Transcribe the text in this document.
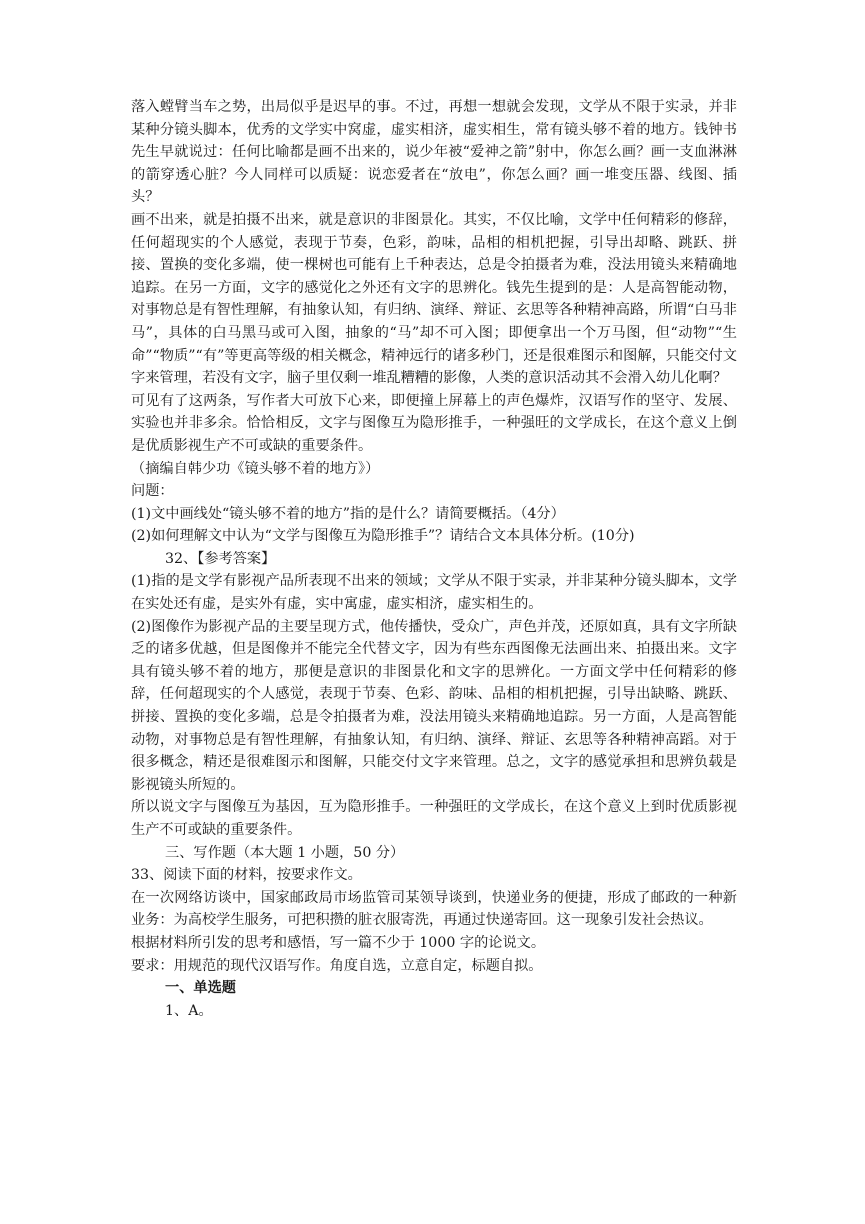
落入螳臂当车之势，出局似乎是迟早的事。不过，再想一想就会发现，文学从不限于实录，并非某种分镜头脚本，优秀的文学实中窝虚，虚实相济，虚实相生，常有镜头够不着的地方。钱钟书先生早就说过：任何比喻都是画不出来的，说少年被“爱神之箭”射中，你怎么画？画一支血淋淋的箭穿透心脏？今人同样可以质疑：说恋爱者在“放电”，你怎么画？画一堆变压器、线图、插头？

画不出来，就是拍摄不出来，就是意识的非图景化。其实，不仅比喻，文学中任何精彩的修辞，任何超现实的个人感觉，表现于节奏，色彩，韵味，品相的相机把握，引导出却略、跳跃、拼接、置换的变化多端，使一棵树也可能有上千种表达，总是令拍摄者为难，没法用镜头来精确地追踪。在另一方面，文字的感觉化之外还有文字的思辨化。钱先生提到的是：人是高智能动物，对事物总是有智性理解，有抽象认知，有归纳、演绎、辩证、玄思等各种精神高路，所谓“白马非马”，具体的白马黑马或可入图，抽象的“马”却不可入图；即便拿出一个万马图，但“动物”“生命”“物质”“有”等更高等级的相关概念，精神远行的诸多秒门，还是很难图示和图解，只能交付文字来管理，若没有文字，脑子里仅剩一堆乱糟糟的影像，人类的意识活动其不会滑入幼儿化啊？

可见有了这两条，写作者大可放下心来，即便撞上屏幕上的声色爆炸，汉语写作的坚守、发展、实验也并非多余。恰恰相反，文字与图像互为隐形推手，一种强旺的文学成长，在这个意义上倒是优质影视生产不可或缺的重要条件。

（摘编自韩少功《镜头够不着的地方》）

问题：

(1)文中画线处“镜头够不着的地方”指的是什么？请简要概括。（4分）

(2)如何理解文中认为“文学与图像互为隐形推手”？请结合文本具体分析。(10分)

32、【参考答案】

(1)指的是文学有影视产品所表现不出来的领域；文学从不限于实录，并非某种分镜头脚本，文学在实处还有虚，是实外有虚，实中寓虚，虚实相济，虚实相生的。

(2)图像作为影视产品的主要呈现方式，他传播快，受众广，声色并茂，还原如真，具有文字所缺乏的诸多优越，但是图像并不能完全代替文字，因为有些东西图像无法画出来、拍摄出来。文字具有镜头够不着的地方，那便是意识的非图景化和文字的思辨化。一方面文学中任何精彩的修辞，任何超现实的个人感觉，表现于节奏、色彩、韵味、品相的相机把握，引导出缺略、跳跃、拼接、置换的变化多端，总是令拍摄者为难，没法用镜头来精确地追踪。另一方面，人是高智能动物，对事物总是有智性理解，有抽象认知，有归纳、演绎、辩证、玄思等各种精神高蹈。对于很多概念，精还是很难图示和图解，只能交付文字来管理。总之，文字的感觉承担和思辨负载是影视镜头所短的。

所以说文字与图像互为基因，互为隐形推手。一种强旺的文学成长，在这个意义上到时优质影视生产不可或缺的重要条件。

三、写作题（本大题 1 小题，50 分）

33、阅读下面的材料，按要求作文。

在一次网络访谈中，国家邮政局市场监管司某领导谈到，快递业务的便捷，形成了邮政的一种新业务：为高校学生服务，可把积攒的脏衣服寄洗，再通过快递寄回。这一现象引发社会热议。

根据材料所引发的思考和感悟，写一篇不少于 1000 字的论说文。

要求：用规范的现代汉语写作。角度自选，立意自定，标题自拟。

一、单选题

1、A。
